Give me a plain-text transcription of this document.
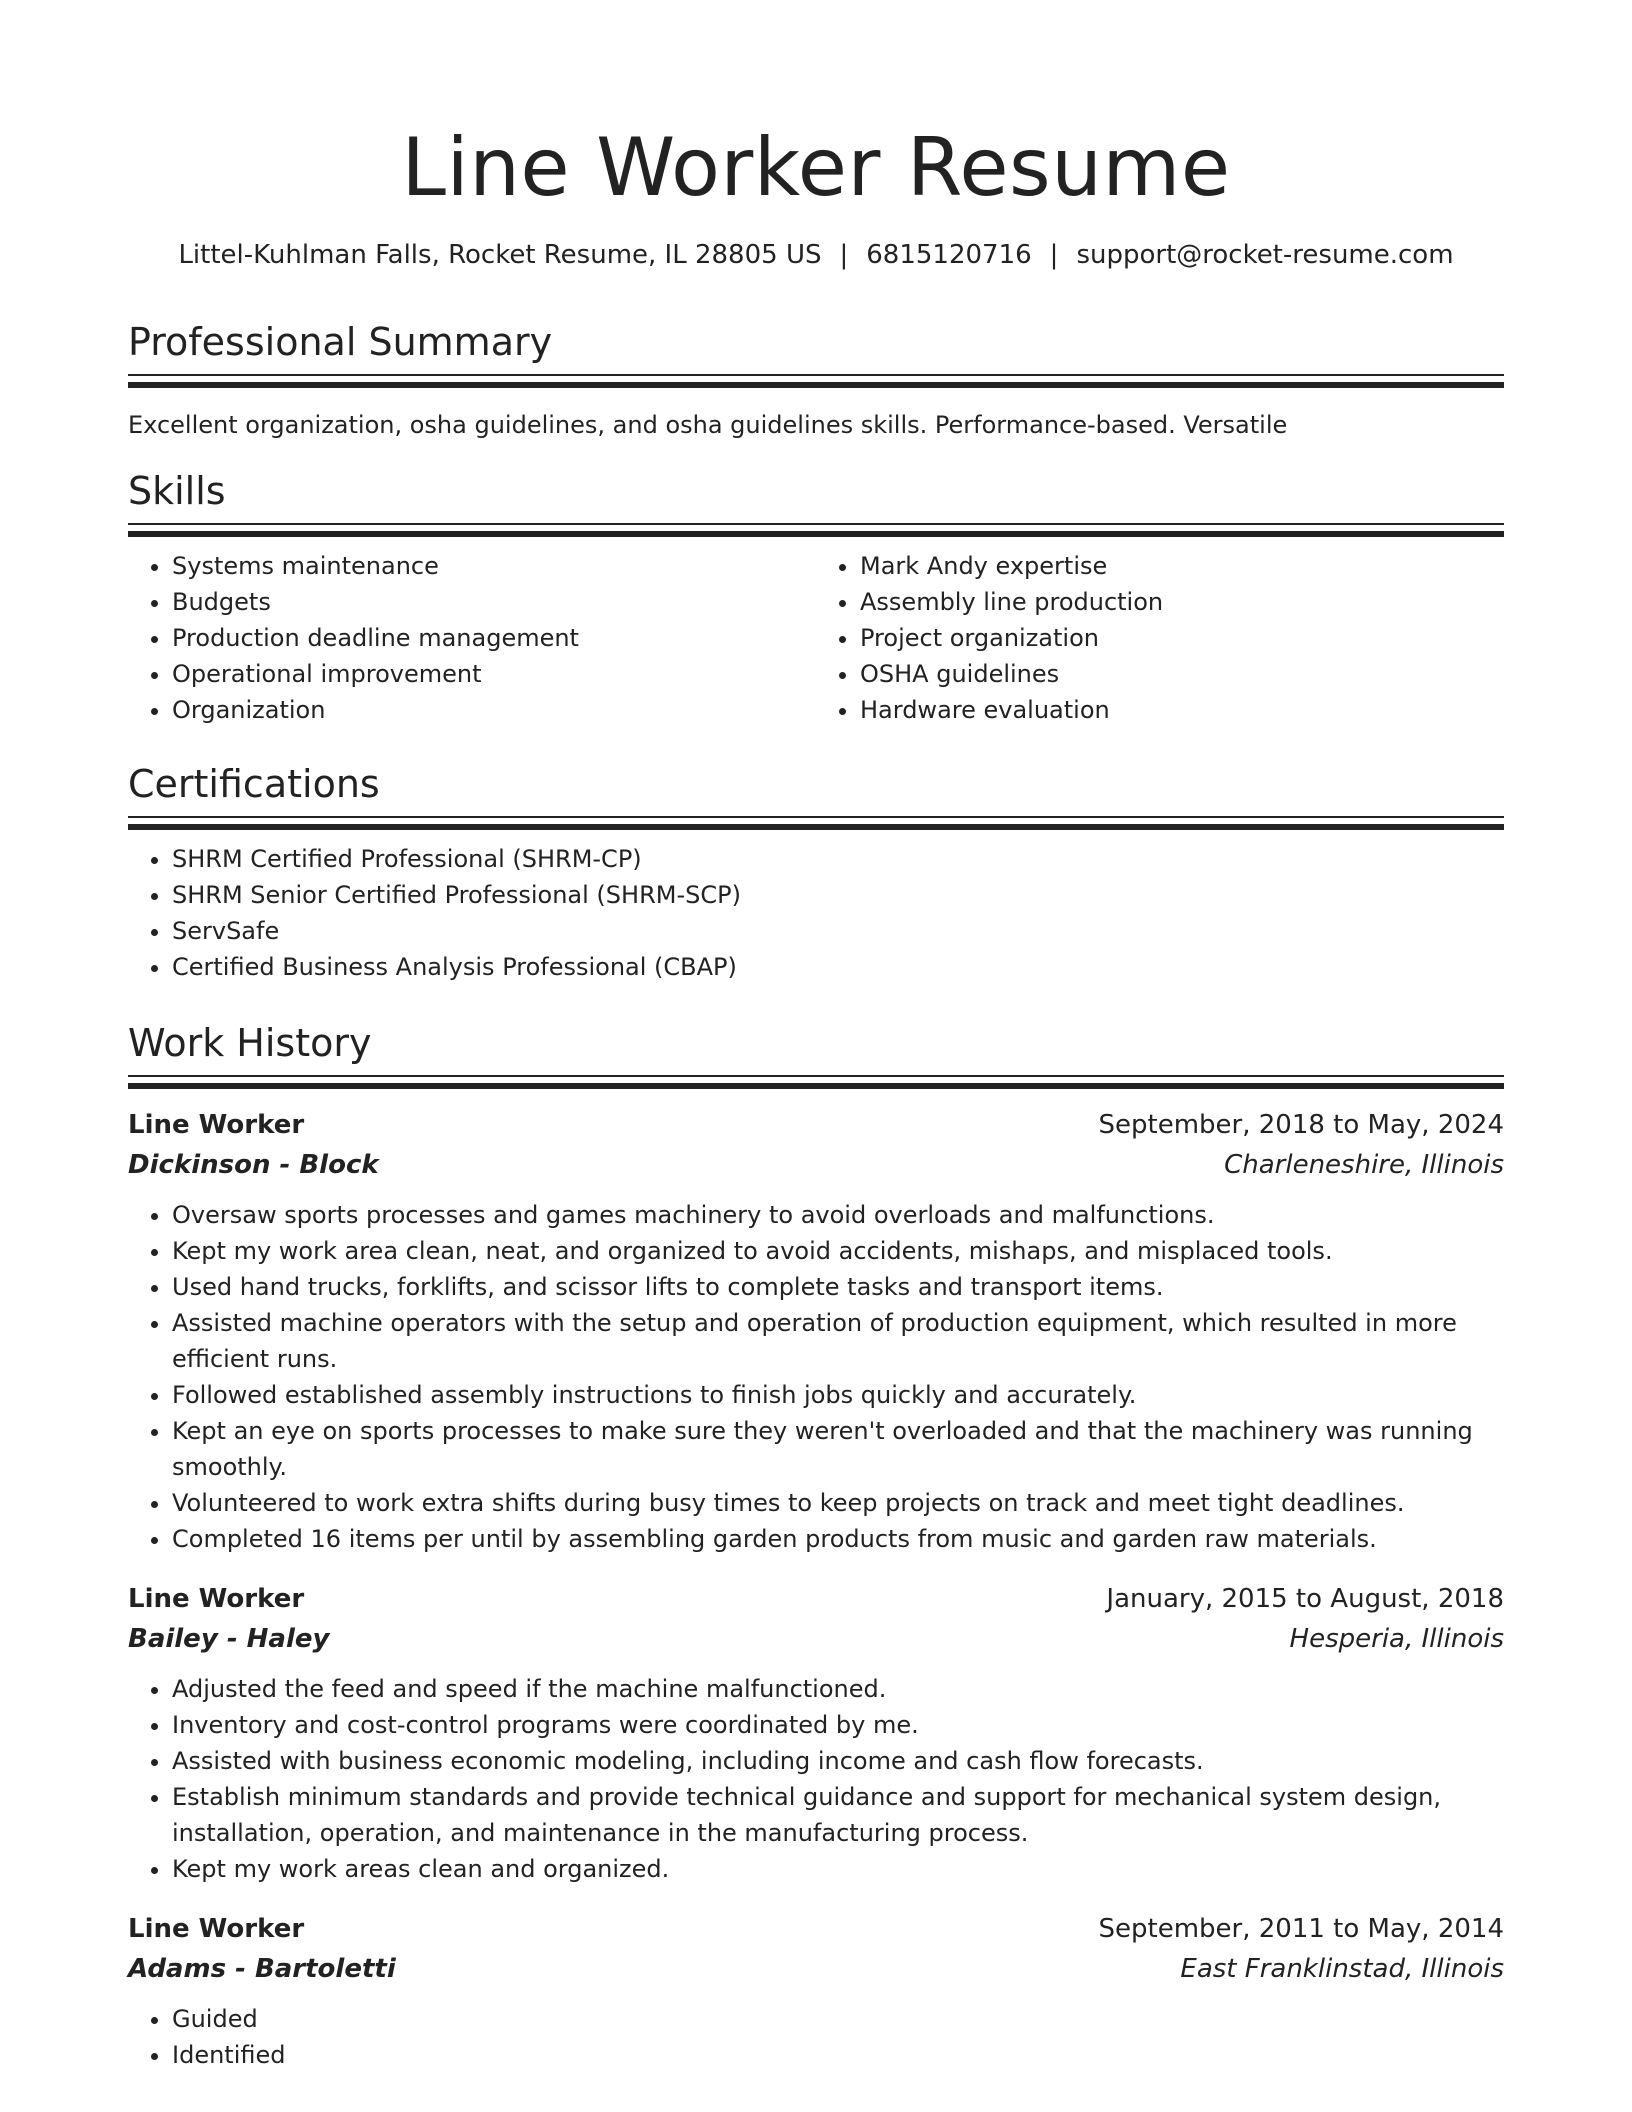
Line Worker Resume
Littel-Kuhlman Falls, Rocket Resume, IL 28805 US | 6815120716 | support@rocket-resume.com
Professional Summary
Excellent organization, osha guidelines, and osha guidelines skills. Performance-based. Versatile
Skills
• Systems maintenance
• Budgets
• Production deadline management
• Operational improvement
• Organization
• Mark Andy expertise
• Assembly line production
• Project organization
• OSHA guidelines
• Hardware evaluation
Certifications
• SHRM Certified Professional (SHRM-CP)
• SHRM Senior Certified Professional (SHRM-SCP)
• ServSafe
• Certified Business Analysis Professional (CBAP)
Work History
Line Worker	September, 2018 to May, 2024
Dickinson - Block	Charleneshire, Illinois
• Oversaw sports processes and games machinery to avoid overloads and malfunctions.
• Kept my work area clean, neat, and organized to avoid accidents, mishaps, and misplaced tools.
• Used hand trucks, forklifts, and scissor lifts to complete tasks and transport items.
• Assisted machine operators with the setup and operation of production equipment, which resulted in more efficient runs.
• Followed established assembly instructions to finish jobs quickly and accurately.
• Kept an eye on sports processes to make sure they weren't overloaded and that the machinery was running smoothly.
• Volunteered to work extra shifts during busy times to keep projects on track and meet tight deadlines.
• Completed 16 items per until by assembling garden products from music and garden raw materials.
Line Worker	January, 2015 to August, 2018
Bailey - Haley	Hesperia, Illinois
• Adjusted the feed and speed if the machine malfunctioned.
• Inventory and cost-control programs were coordinated by me.
• Assisted with business economic modeling, including income and cash flow forecasts.
• Establish minimum standards and provide technical guidance and support for mechanical system design, installation, operation, and maintenance in the manufacturing process.
• Kept my work areas clean and organized.
Line Worker	September, 2011 to May, 2014
Adams - Bartoletti	East Franklinstad, Illinois
• Guided
• Identified
